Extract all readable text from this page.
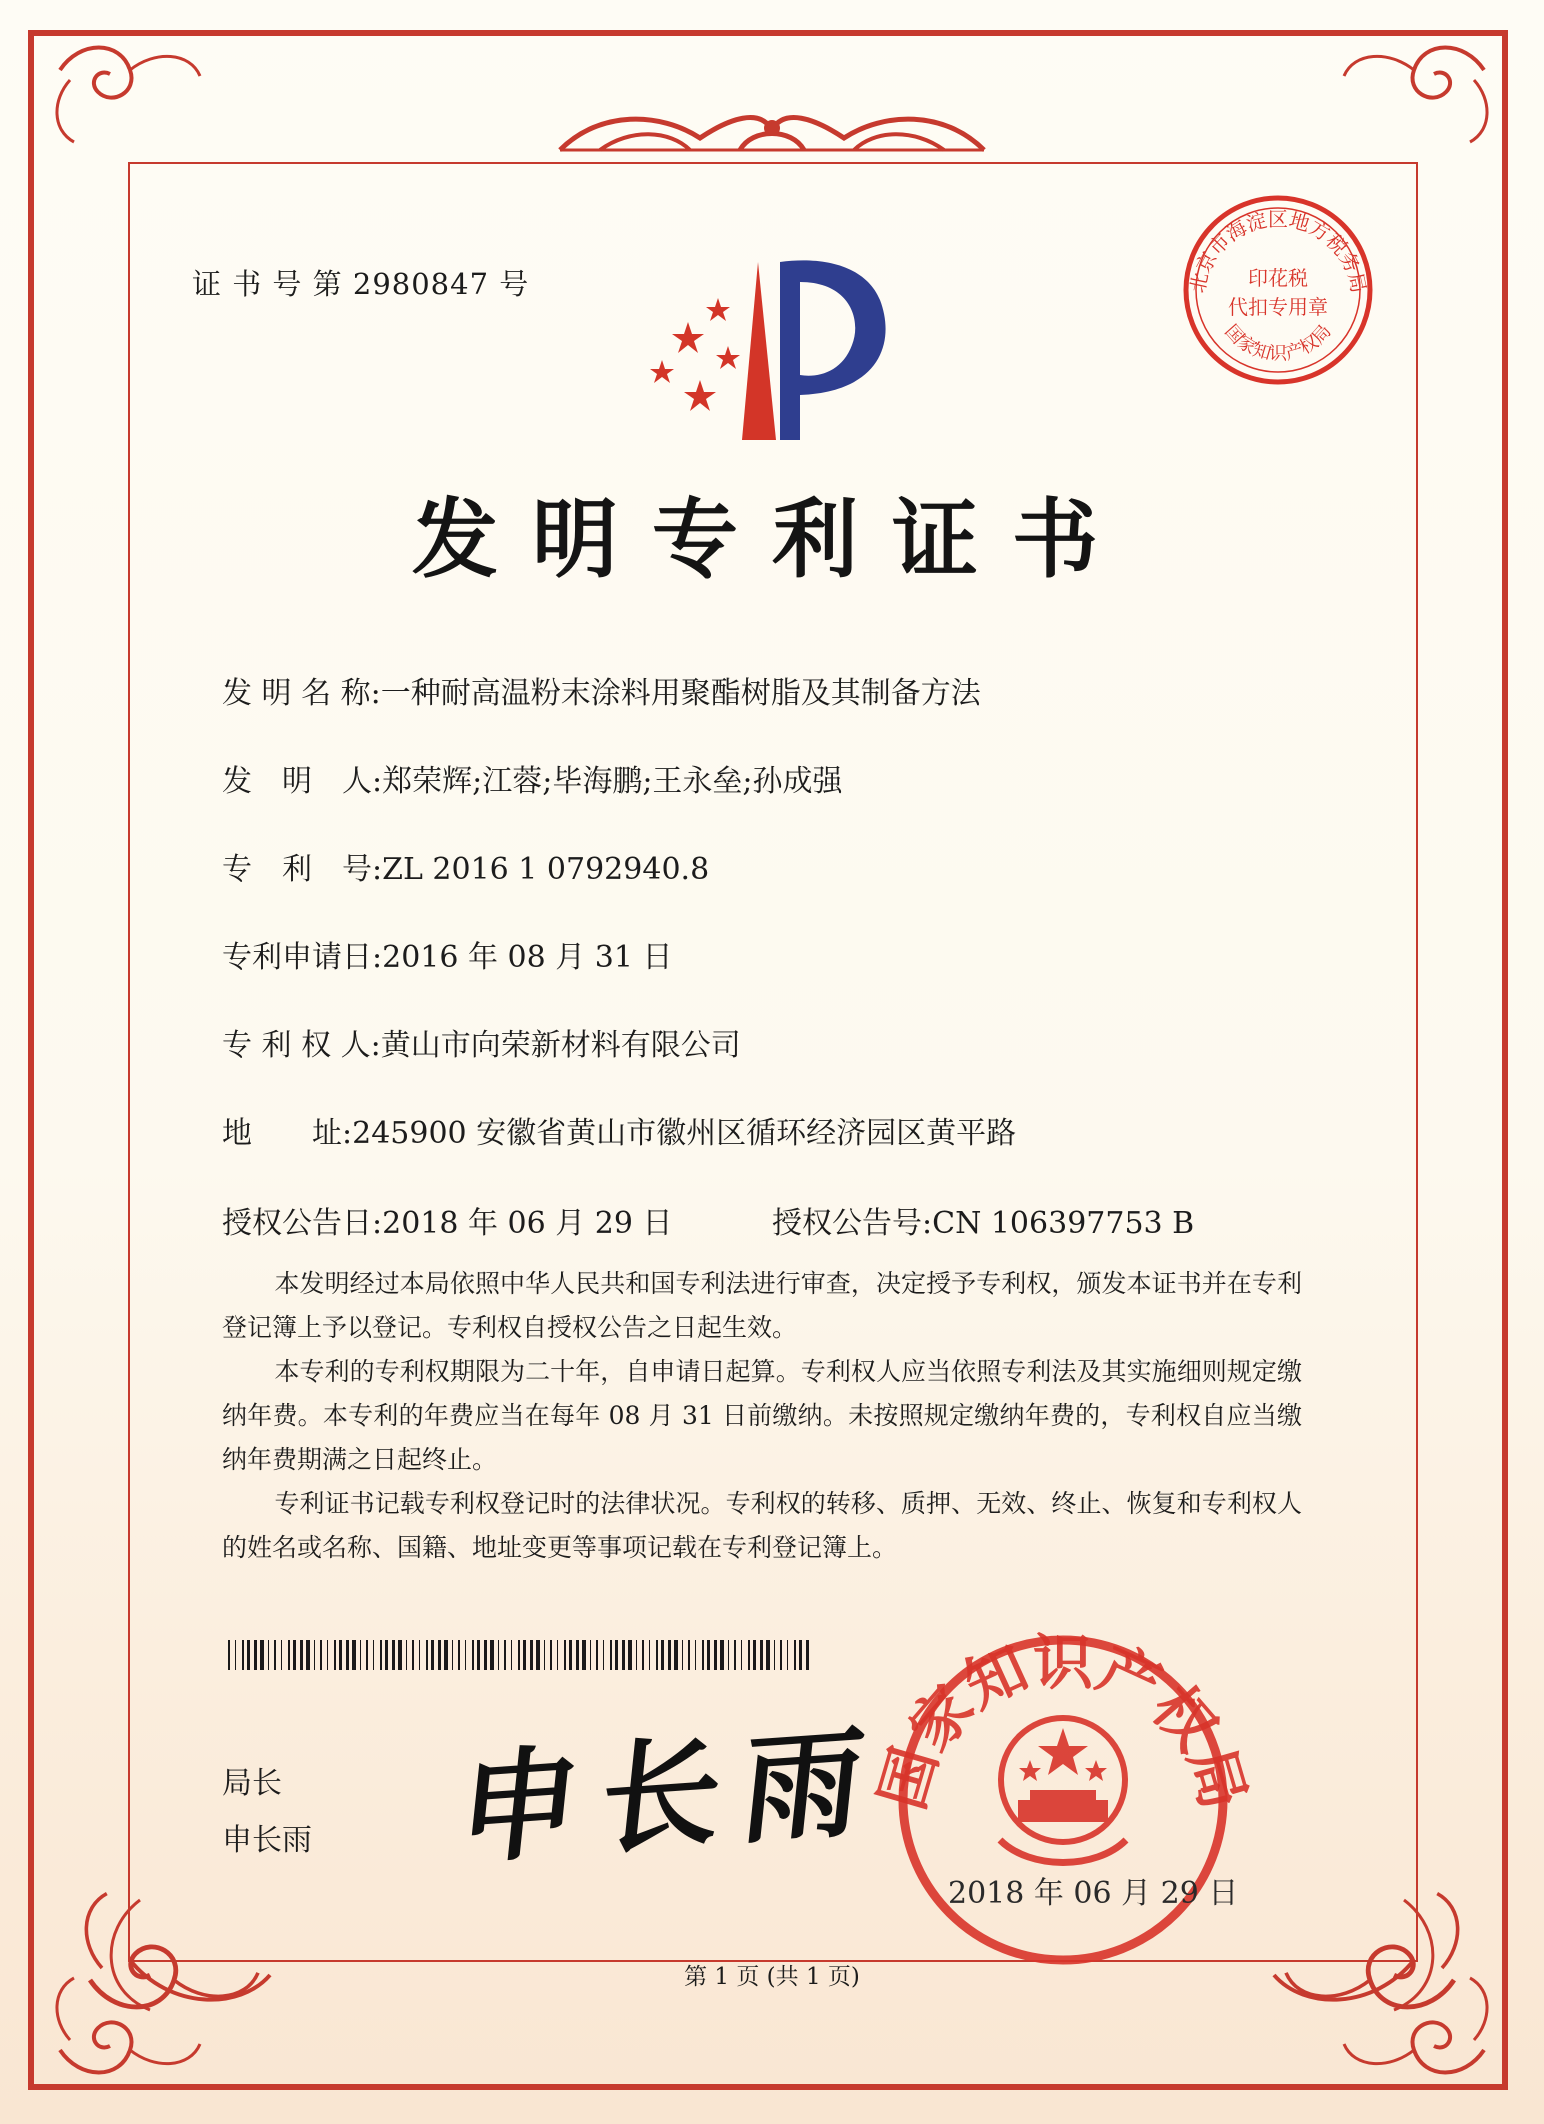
北京市海淀区地方税务局
国家知识产权局
印花税
代扣专用章
国家知识产权局
证 书 号 第 2980847 号
发明专利证书
发 明 名 称:一种耐高温粉末涂料用聚酯树脂及其制备方法
发　明　人:郑荣辉;江蓉;毕海鹏;王永垒;孙成强
专　利　号:ZL 2016 1 0792940.8
专利申请日:2016 年 08 月 31 日
专 利 权 人:黄山市向荣新材料有限公司
地　　址:245900 安徽省黄山市徽州区循环经济园区黄平路
授权公告日:2018 年 06 月 29 日	授权公告号:CN 106397753 B

本发明经过本局依照中华人民共和国专利法进行审查，决定授予专利权，颁发本证书并在专利登记簿上予以登记。专利权自授权公告之日起生效。

本专利的专利权期限为二十年，自申请日起算。专利权人应当依照专利法及其实施细则规定缴纳年费。本专利的年费应当在每年 08 月 31 日前缴纳。未按照规定缴纳年费的，专利权自应当缴纳年费期满之日起终止。

专利证书记载专利权登记时的法律状况。专利权的转移、质押、无效、终止、恢复和专利权人的姓名或名称、国籍、地址变更等事项记载在专利登记簿上。

局长
申长雨 申长雨
2018 年 06 月 29 日
第 1 页 (共 1 页)
